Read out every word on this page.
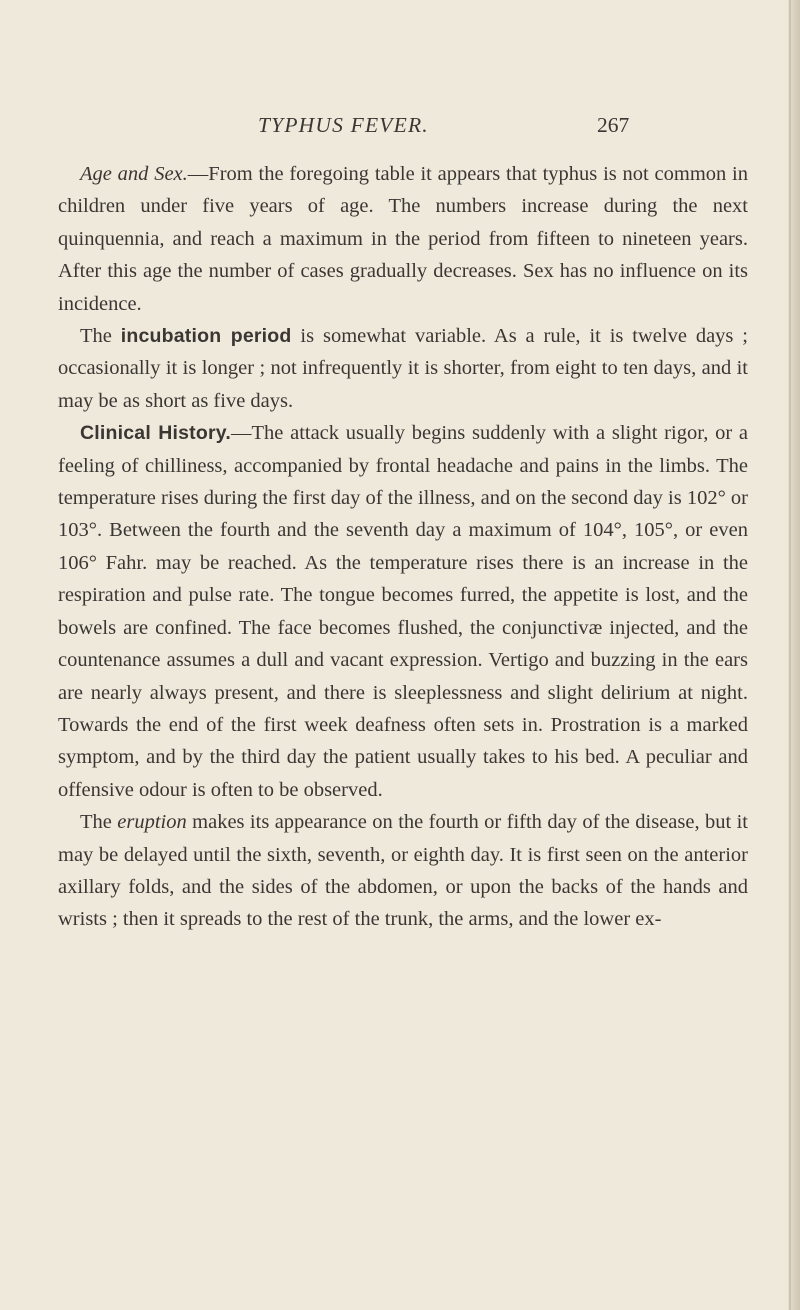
TYPHUS FEVER.	267

Age and Sex.—From the foregoing table it appears that typhus is not common in children under five years of age. The numbers increase during the next quinquennia, and reach a maximum in the period from fifteen to nineteen years. After this age the number of cases gradually decreases. Sex has no influence on its incidence.

The incubation period is somewhat variable. As a rule, it is twelve days ; occasionally it is longer ; not infrequently it is shorter, from eight to ten days, and it may be as short as five days.

Clinical History.—The attack usually begins suddenly with a slight rigor, or a feeling of chilliness, accompanied by frontal headache and pains in the limbs. The temperature rises during the first day of the illness, and on the second day is 102° or 103°. Between the fourth and the seventh day a maximum of 104°, 105°, or even 106° Fahr. may be reached. As the temperature rises there is an increase in the respiration and pulse rate. The tongue becomes furred, the appetite is lost, and the bowels are confined. The face becomes flushed, the conjunctivæ injected, and the countenance assumes a dull and vacant expression. Vertigo and buzzing in the ears are nearly always present, and there is sleeplessness and slight delirium at night. Towards the end of the first week deafness often sets in. Prostration is a marked symptom, and by the third day the patient usually takes to his bed. A peculiar and offensive odour is often to be observed.

The eruption makes its appearance on the fourth or fifth day of the disease, but it may be delayed until the sixth, seventh, or eighth day. It is first seen on the anterior axillary folds, and the sides of the abdomen, or upon the backs of the hands and wrists ; then it spreads to the rest of the trunk, the arms, and the lower ex-
